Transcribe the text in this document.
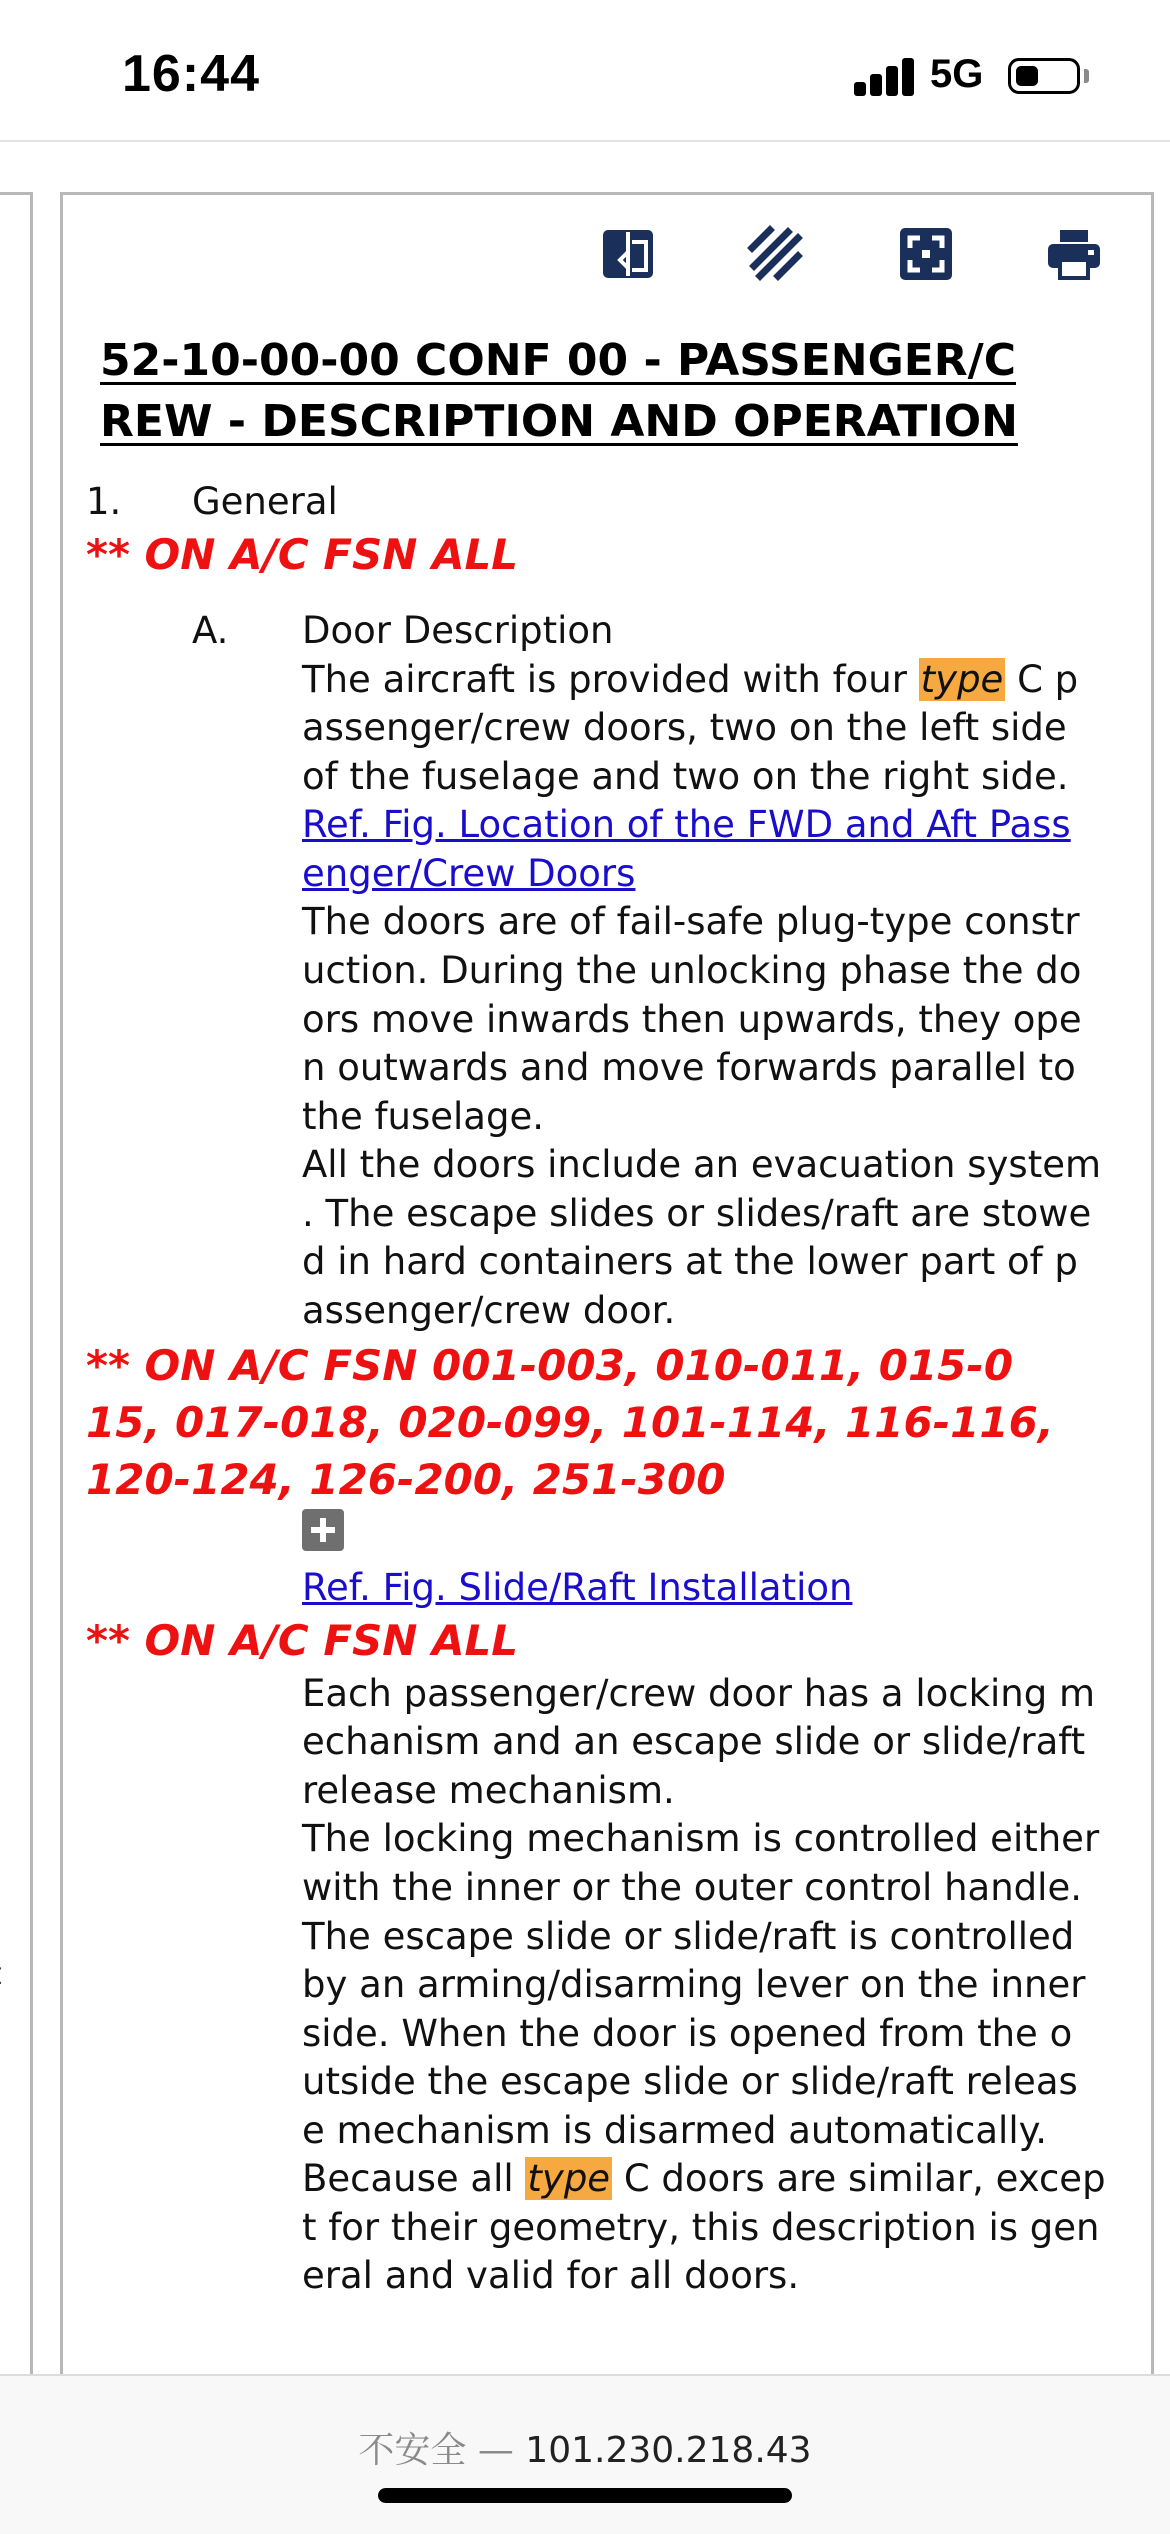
16:44	5G
52-10-00-00 CONF 00 - PASSENGER/C
REW - DESCRIPTION AND OPERATION
1. General
** ON A/C FSN ALL
A. Door Description
The aircraft is provided with four type C p
assenger/crew doors, two on the left side
of the fuselage and two on the right side.
Ref. Fig. Location of the FWD and Aft Pass
enger/Crew Doors
The doors are of fail-safe plug-type constr
uction. During the unlocking phase the do
ors move inwards then upwards, they ope
n outwards and move forwards parallel to
the fuselage.
All the doors include an evacuation system
. The escape slides or slides/raft are stowe
d in hard containers at the lower part of p
assenger/crew door.
** ON A/C FSN 001-003, 010-011, 015-0
15, 017-018, 020-099, 101-114, 116-116,
120-124, 126-200, 251-300
Ref. Fig. Slide/Raft Installation
** ON A/C FSN ALL
Each passenger/crew door has a locking m
echanism and an escape slide or slide/raft
release mechanism.
The locking mechanism is controlled either
with the inner or the outer control handle.
The escape slide or slide/raft is controlled
by an arming/disarming lever on the inner
side. When the door is opened from the o
utside the escape slide or slide/raft releas
e mechanism is disarmed automatically.
Because all type C doors are similar, excep
t for their geometry, this description is gen
eral and valid for all doors.
不安全 — 101.230.218.43
